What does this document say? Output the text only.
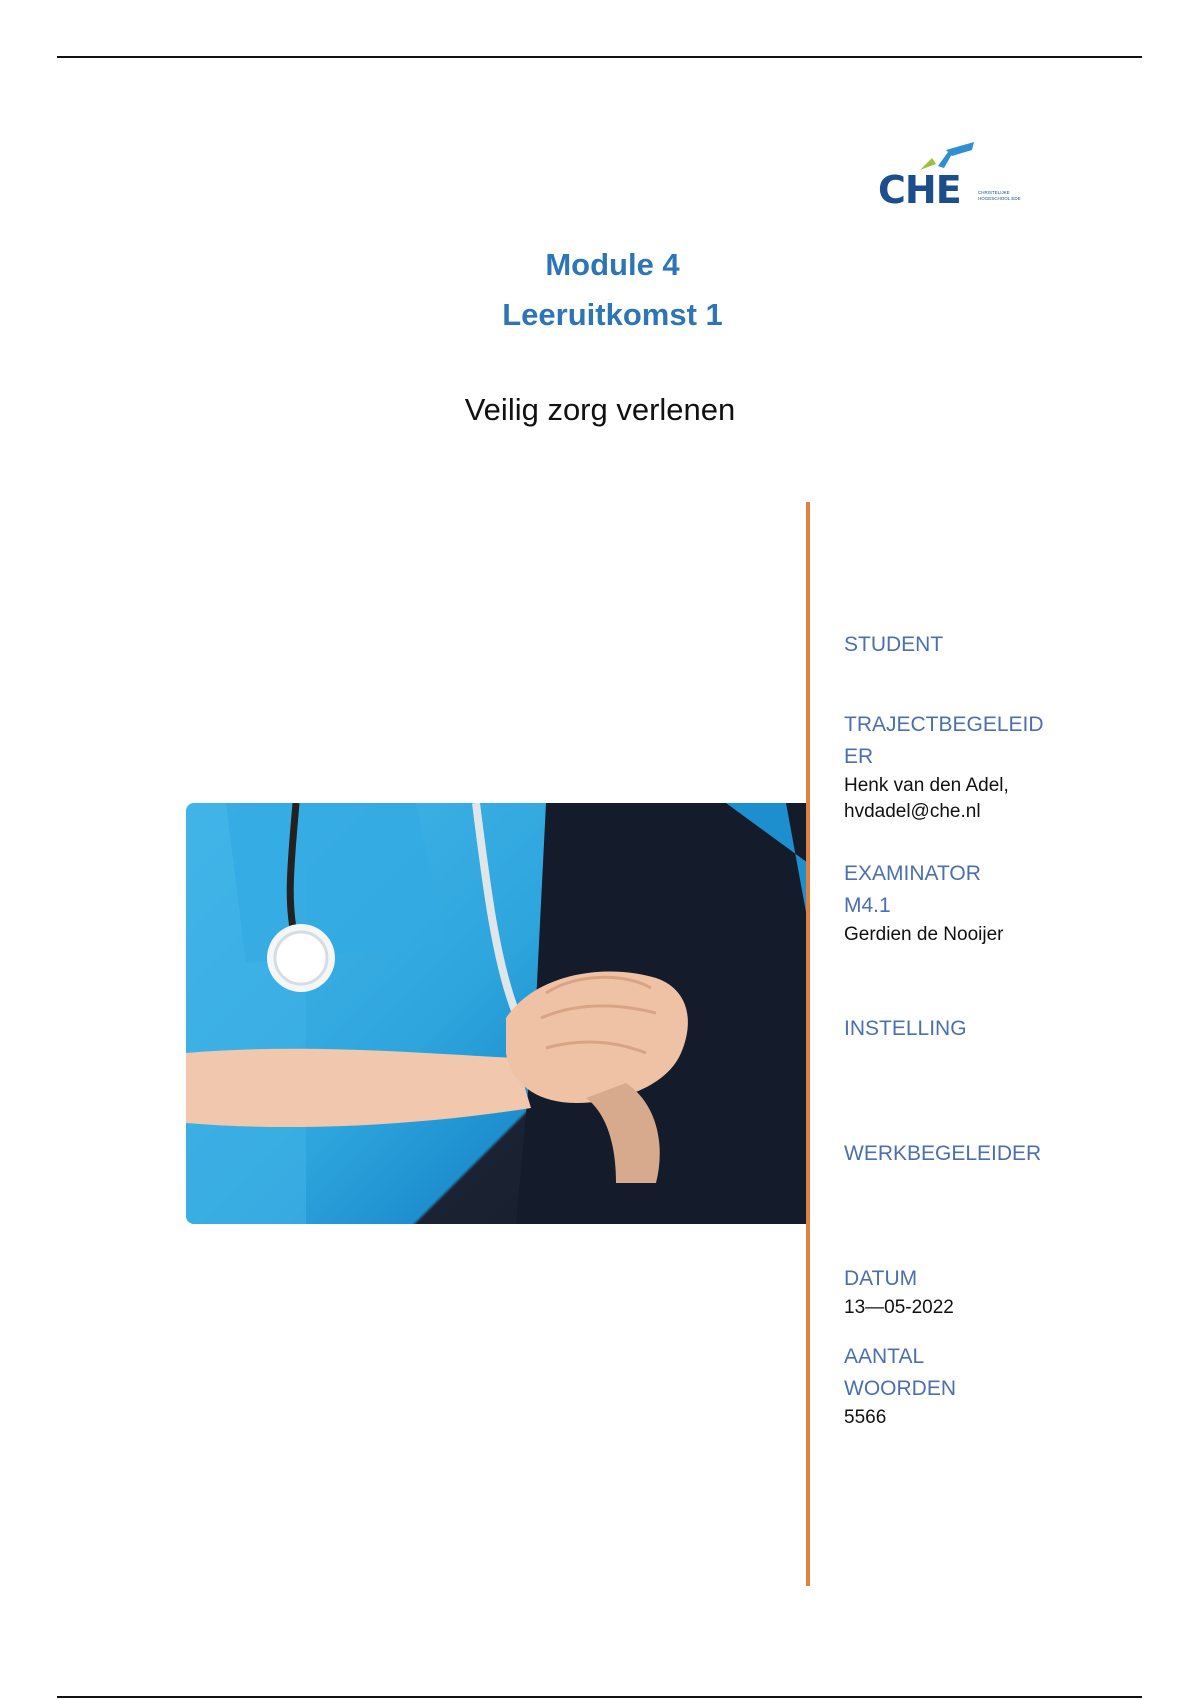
CHE	CHRISTELIJKE HOGESCHOOL EDE
Module 4
Leeruitkomst 1
Veilig zorg verlenen
STUDENT
TRAJECTBEGELEID
ER
Henk van den Adel,
hvdadel@che.nl
EXAMINATOR
M4.1
Gerdien de Nooijer
INSTELLING
WERKBEGELEIDER
DATUM
13—05-2022
AANTAL
WOORDEN
5566
